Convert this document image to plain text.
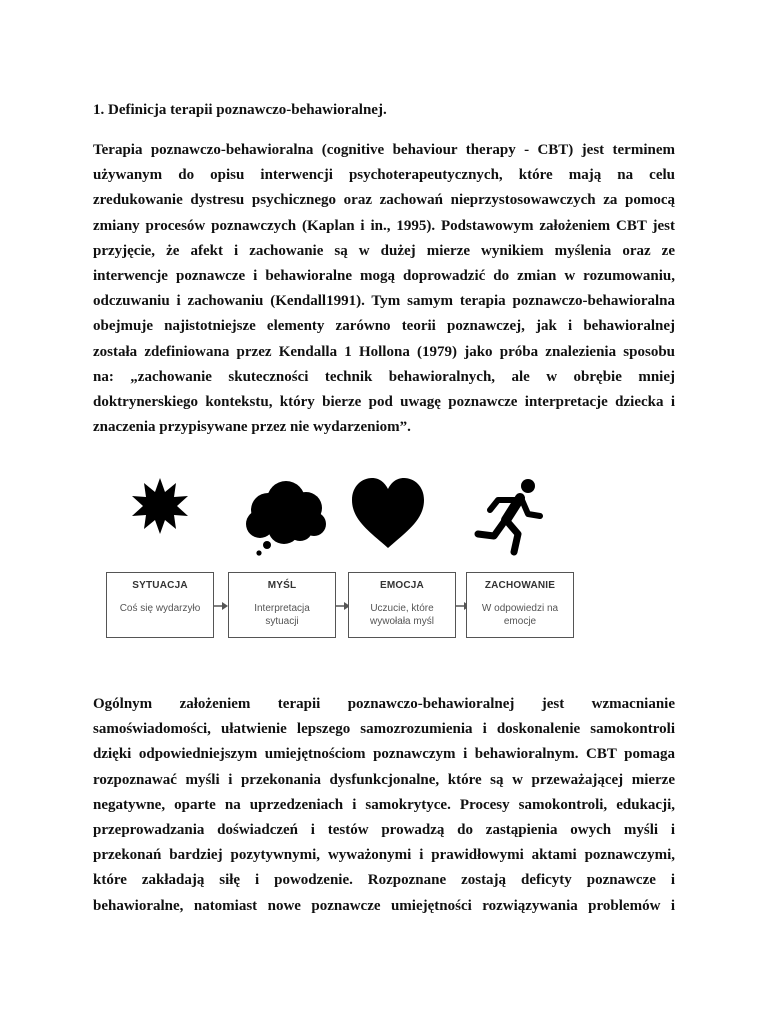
1. Definicja terapii poznawczo-behawioralnej.
Terapia poznawczo-behawioralna (cognitive behaviour therapy - CBT) jest terminem
używanym do opisu interwencji psychoterapeutycznych, które mają na celu
zredukowanie dystresu psychicznego oraz zachowań nieprzystosowawczych za pomocą
zmiany procesów poznawczych (Kaplan i in., 1995). Podstawowym założeniem CBT jest
przyjęcie, że afekt i zachowanie są w dużej mierze wynikiem myślenia oraz ze
interwencje poznawcze i behawioralne mogą doprowadzić do zmian w rozumowaniu,
odczuwaniu i zachowaniu (Kendall1991). Tym samym terapia poznawczo-behawioralna
obejmuje najistotniejsze elementy zarówno teorii poznawczej, jak i behawioralnej
została zdefiniowana przez Kendalla 1 Hollona (1979) jako próba znalezienia sposobu
na: „zachowanie skuteczności technik behawioralnych, ale w obrębie mniej
doktrynerskiego kontekstu, który bierze pod uwagę poznawcze interpretacje dziecka i
znaczenia przypisywane przez nie wydarzeniom”.
SYTUACJA
Coś się wydarzyło
MYŚL
Interpretacja
sytuacji
EMOCJA
Uczucie, które
wywołała myśl
ZACHOWANIE
W odpowiedzi na
emocje
Ogólnym założeniem terapii poznawczo-behawioralnej jest wzmacnianie
samoświadomości, ułatwienie lepszego samozrozumienia i doskonalenie samokontroli
dzięki odpowiedniejszym umiejętnościom poznawczym i behawioralnym. CBT pomaga
rozpoznawać myśli i przekonania dysfunkcjonalne, które są w przeważającej mierze
negatywne, oparte na uprzedzeniach i samokrytyce. Procesy samokontroli, edukacji,
przeprowadzania doświadczeń i testów prowadzą do zastąpienia owych myśli i
przekonań bardziej pozytywnymi, wyważonymi i prawidłowymi aktami poznawczymi,
które zakładają siłę i powodzenie. Rozpoznane zostają deficyty poznawcze i
behawioralne, natomiast nowe poznawcze umiejętności rozwiązywania problemów i
